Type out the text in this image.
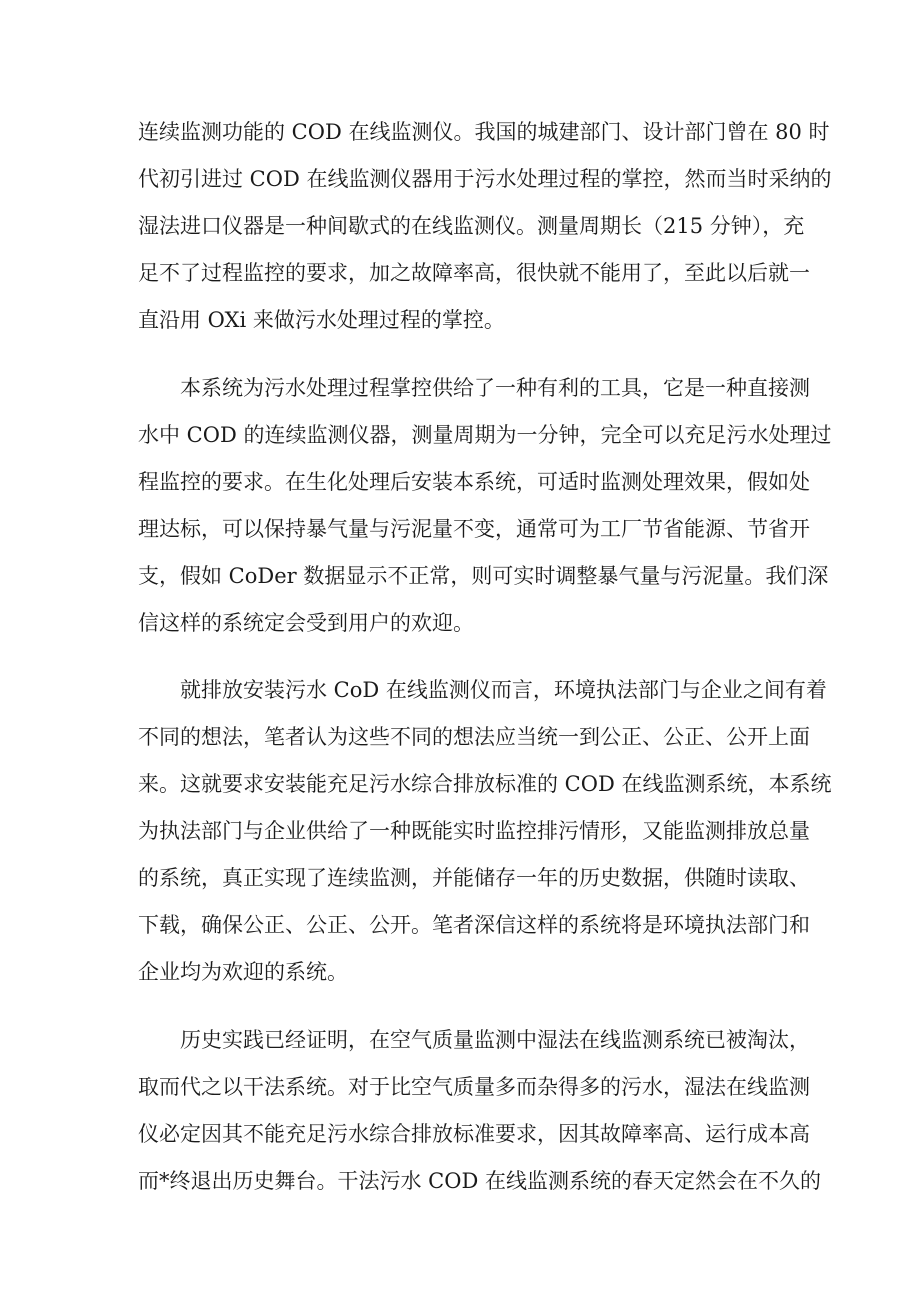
连续监测功能的 COD 在线监测仪。我国的城建部门、设计部门曾在 80 时

代初引进过 COD 在线监测仪器用于污水处理过程的掌控，然而当时采纳的

湿法进口仪器是一种间歇式的在线监测仪。测量周期长（215 分钟），充

足不了过程监控的要求，加之故障率高，很快就不能用了，至此以后就一

直沿用 OXi 来做污水处理过程的掌控。

本系统为污水处理过程掌控供给了一种有利的工具，它是一种直接测

水中 COD 的连续监测仪器，测量周期为一分钟，完全可以充足污水处理过

程监控的要求。在生化处理后安装本系统，可适时监测处理效果，假如处

理达标，可以保持暴气量与污泥量不变，通常可为工厂节省能源、节省开

支，假如 CoDer 数据显示不正常，则可实时调整暴气量与污泥量。我们深

信这样的系统定会受到用户的欢迎。

就排放安装污水 CoD 在线监测仪而言，环境执法部门与企业之间有着

不同的想法，笔者认为这些不同的想法应当统一到公正、公正、公开上面

来。这就要求安装能充足污水综合排放标准的 COD 在线监测系统，本系统

为执法部门与企业供给了一种既能实时监控排污情形，又能监测排放总量

的系统，真正实现了连续监测，并能储存一年的历史数据，供随时读取、

下载，确保公正、公正、公开。笔者深信这样的系统将是环境执法部门和

企业均为欢迎的系统。

历史实践已经证明，在空气质量监测中湿法在线监测系统已被淘汰，

取而代之以干法系统。对于比空气质量多而杂得多的污水，湿法在线监测

仪必定因其不能充足污水综合排放标准要求，因其故障率高、运行成本高

而*终退出历史舞台。干法污水 COD 在线监测系统的春天定然会在不久的
